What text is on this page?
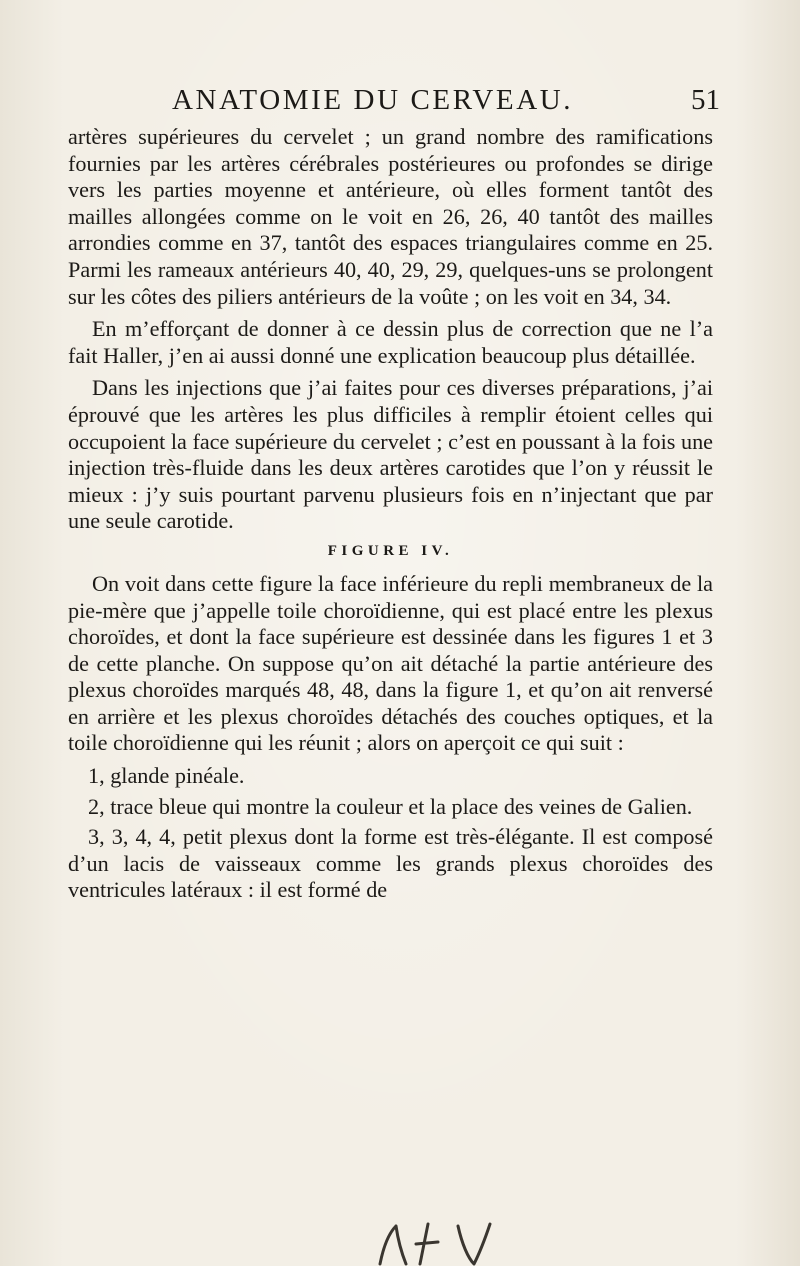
ANATOMIE DU CERVEAU.	51

artères supérieures du cervelet ; un grand nombre des ramifications fournies par les artères cérébrales postérieures ou profondes se dirige vers les parties moyenne et antérieure, où elles forment tantôt des mailles allongées comme on le voit en 26, 26, 40 tantôt des mailles arrondies comme en 37, tantôt des espaces triangulaires comme en 25. Parmi les rameaux antérieurs 40, 40, 29, 29, quelques-uns se prolongent sur les côtes des piliers antérieurs de la voûte ; on les voit en 34, 34.

En m’efforçant de donner à ce dessin plus de correction que ne l’a fait Haller, j’en ai aussi donné une explication beaucoup plus détaillée.

Dans les injections que j’ai faites pour ces diverses préparations, j’ai éprouvé que les artères les plus difficiles à remplir étoient celles qui occupoient la face supérieure du cervelet ; c’est en poussant à la fois une injection très-fluide dans les deux artères carotides que l’on y réussit le mieux : j’y suis pourtant parvenu plusieurs fois en n’injectant que par une seule carotide.

FIGURE IV.

On voit dans cette figure la face inférieure du repli membraneux de la pie-mère que j’appelle toile choroïdienne, qui est placé entre les plexus choroïdes, et dont la face supérieure est dessinée dans les figures 1 et 3 de cette planche. On suppose qu’on ait détaché la partie antérieure des plexus choroïdes marqués 48, 48, dans la figure 1, et qu’on ait renversé en arrière et les plexus choroïdes détachés des couches optiques, et la toile choroïdienne qui les réunit ; alors on aperçoit ce qui suit :

1, glande pinéale.

2, trace bleue qui montre la couleur et la place des veines de Galien.

3, 3, 4, 4, petit plexus dont la forme est très-élégante. Il est composé d’un lacis de vaisseaux comme les grands plexus choroïdes des ventricules latéraux : il est formé de
